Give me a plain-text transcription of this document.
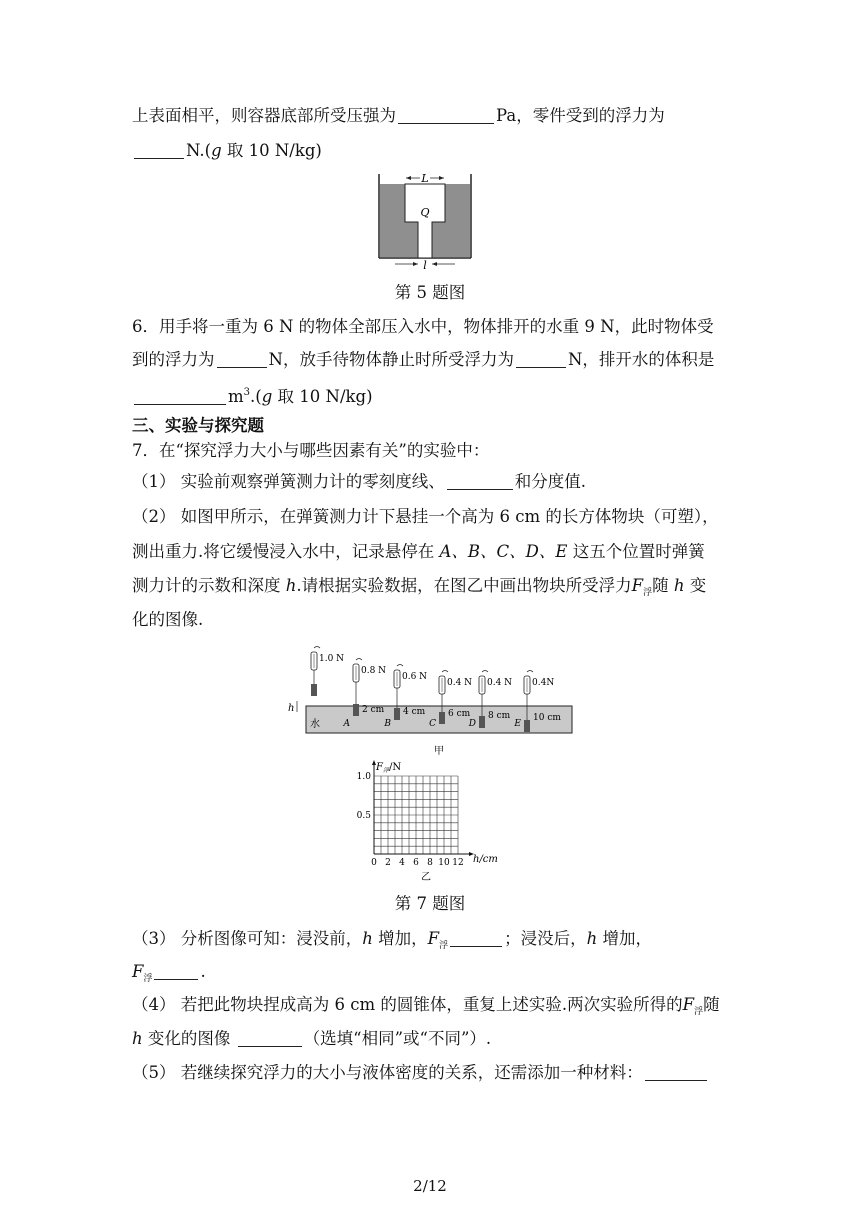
上表面相平，则容器底部所受压强为	Pa，零件受到的浮力为
N.(g 取 10 N/kg)
L
Q
l
第 5 题图
6．用手将一重为 6 N 的物体全部压入水中，物体排开的水重 9 N，此时物体受
到的浮力为	N，放手待物体静止时所受浮力为	N，排开水的体积是
$m^3.(g$ 取 10 N/kg)
三、实验与探究题
7．在“探究浮力大小与哪些因素有关”的实验中：
（1） 实验前观察弹簧测力计的零刻度线、	和分度值.
（2） 如图甲所示，在弹簧测力计下悬挂一个高为 6 cm 的长方体物块（可塑），
测出重力.将它缓慢浸入水中，记录悬停在 A、B、C、D、E 这五个位置时弹簧
测力计的示数和深度 h.请根据实验数据，在图乙中画出物块所受浮力$F_浮$随 h 变
化的图像.
水
h
1.0 N
0.8 N
2 cm
A
0.6 N
4 cm
B
0.4 N
6 cm
C
0.4 N
8 cm
D
0.4N
10 cm
E
甲
1.0
0.5
0 2 4 6 8 10 12
$F_浮/N$
h/cm
乙
第 7 题图
（3） 分析图像可知：浸没前，h 增加，$F_浮$	；浸没后，h 增加，
$F_浮$	.
（4） 若把此物块捏成高为 6 cm 的圆锥体，重复上述实验.两次实验所得的$F_浮$随
h 变化的图像	（选填“相同”或“不同”）.
（5） 若继续探究浮力的大小与液体密度的关系，还需添加一种材料：
2/12
